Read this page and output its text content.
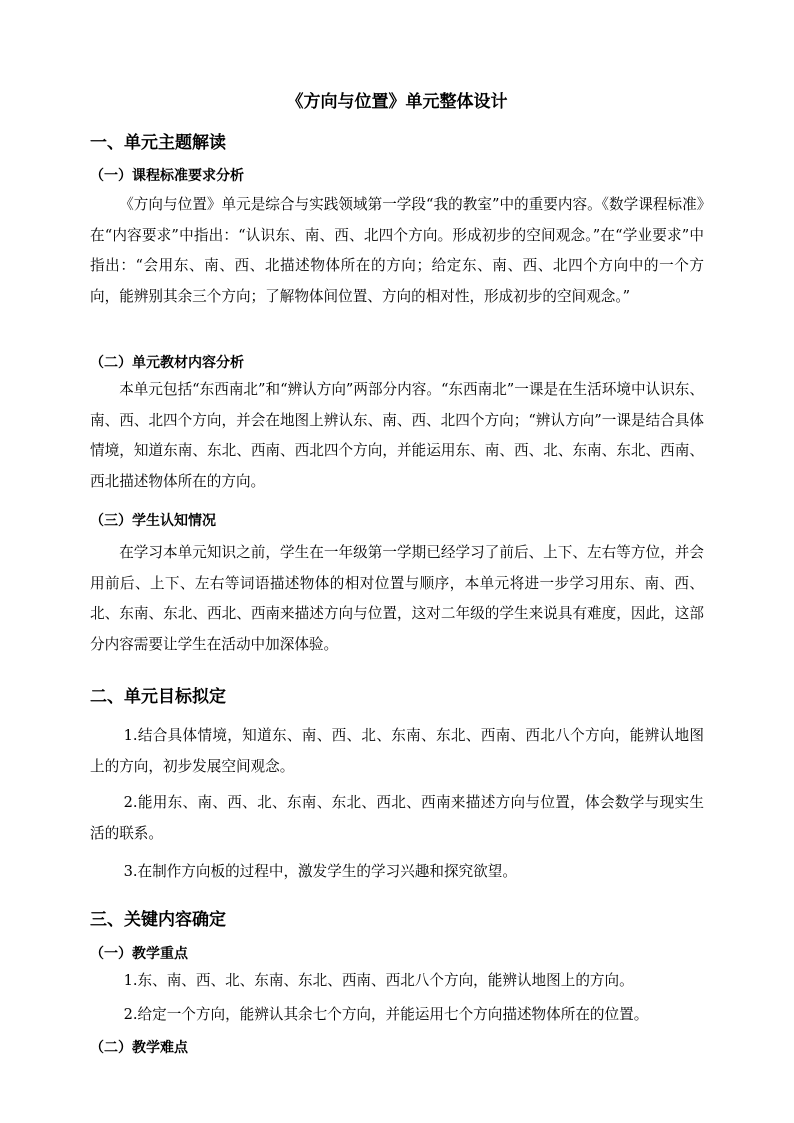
《方向与位置》单元整体设计
一、单元主题解读
（一）课程标准要求分析

《方向与位置》单元是综合与实践领域第一学段“我的教室”中的重要内容。《数学课程标准》在“内容要求”中指出：“认识东、南、西、北四个方向。形成初步的空间观念。”在“学业要求”中指出：“会用东、南、西、北描述物体所在的方向；给定东、南、西、北四个方向中的一个方向，能辨别其余三个方向；了解物体间位置、方向的相对性，形成初步的空间观念。”

（二）单元教材内容分析

本单元包括“东西南北”和“辨认方向”两部分内容。“东西南北”一课是在生活环境中认识东、南、西、北四个方向，并会在地图上辨认东、南、西、北四个方向；“辨认方向”一课是结合具体情境，知道东南、东北、西南、西北四个方向，并能运用东、南、西、北、东南、东北、西南、西北描述物体所在的方向。

（三）学生认知情况

在学习本单元知识之前，学生在一年级第一学期已经学习了前后、上下、左右等方位，并会用前后、上下、左右等词语描述物体的相对位置与顺序，本单元将进一步学习用东、南、西、北、东南、东北、西北、西南来描述方向与位置，这对二年级的学生来说具有难度，因此，这部分内容需要让学生在活动中加深体验。

二、单元目标拟定

1.结合具体情境，知道东、南、西、北、东南、东北、西南、西北八个方向，能辨认地图上的方向，初步发展空间观念。

2.能用东、南、西、北、东南、东北、西北、西南来描述方向与位置，体会数学与现实生活的联系。

3.在制作方向板的过程中，激发学生的学习兴趣和探究欲望。

三、关键内容确定
（一）教学重点

1.东、南、西、北、东南、东北、西南、西北八个方向，能辨认地图上的方向。

2.给定一个方向，能辨认其余七个方向，并能运用七个方向描述物体所在的位置。

（二）教学难点
